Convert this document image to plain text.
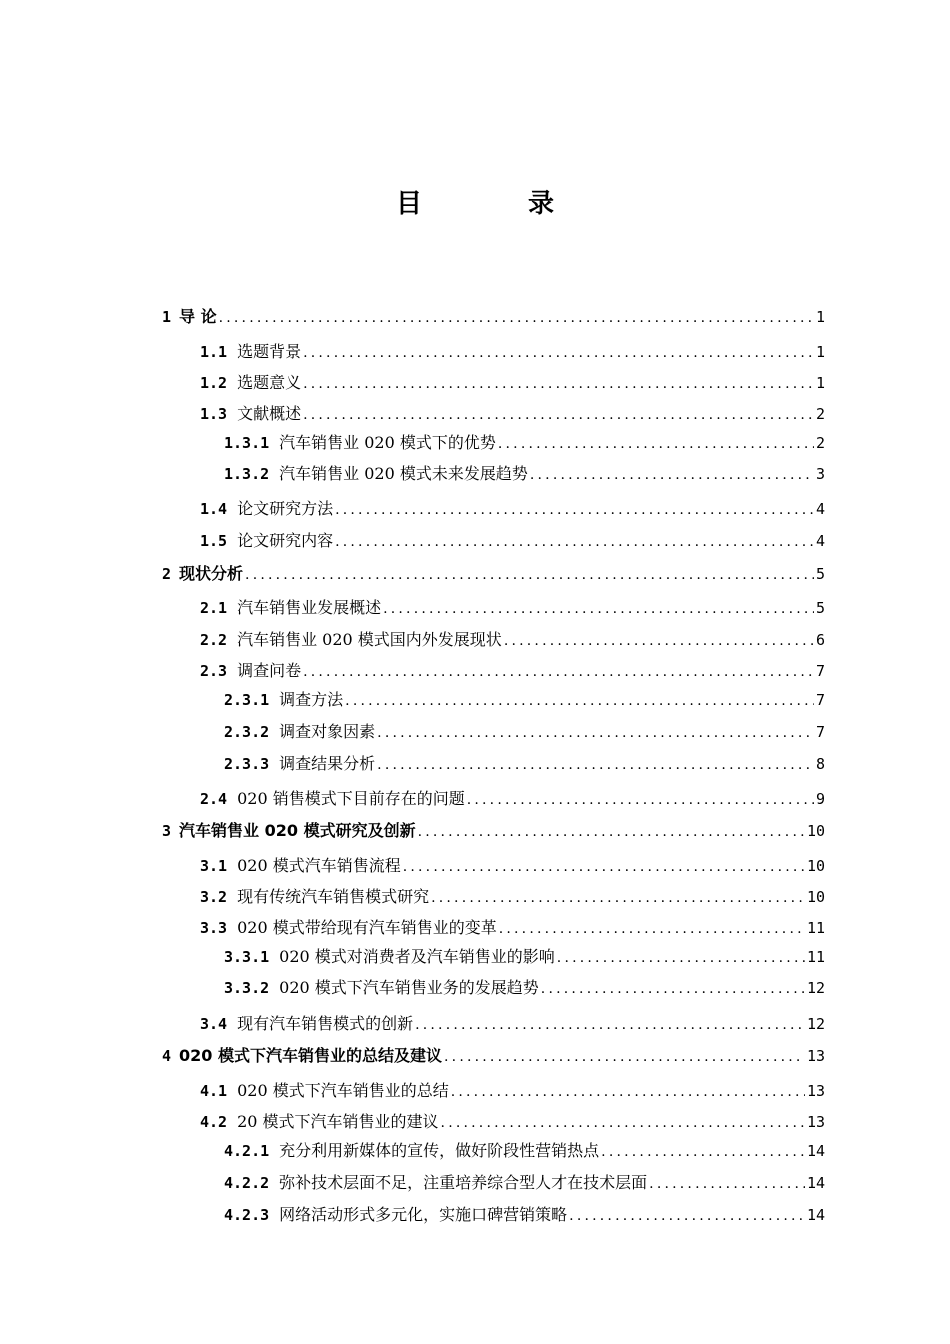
目　录
1 导 论 .....	1
1.1 选题背景 .....	1
1.2 选题意义 .....	1
1.3 文献概述 .....	2
1.3.1 汽车销售业 020 模式下的优势 .....	2
1.3.2 汽车销售业 020 模式未来发展趋势 .....	3
1.4 论文研究方法 .....	4
1.5 论文研究内容 .....	4
2 现状分析 .....	5
2.1 汽车销售业发展概述 .....	5
2.2 汽车销售业 020 模式国内外发展现状 .....	6
2.3 调查问卷 .....	7
2.3.1 调查方法 .....	7
2.3.2 调查对象因素 .....	7
2.3.3 调查结果分析 .....	8
2.4 020 销售模式下目前存在的问题 .....	9
3 汽车销售业 020 模式研究及创新 .....	10
3.1 020 模式汽车销售流程 .....	10
3.2 现有传统汽车销售模式研究 .....	10
3.3 020 模式带给现有汽车销售业的变革 .....	11
3.3.1 020 模式对消费者及汽车销售业的影响 .....	11
3.3.2 020 模式下汽车销售业务的发展趋势 .....	12
3.4 现有汽车销售模式的创新 .....	12
4 020 模式下汽车销售业的总结及建议 .....	13
4.1 020 模式下汽车销售业的总结 .....	13
4.2 20 模式下汽车销售业的建议 .....	13
4.2.1 充分利用新媒体的宣传，做好阶段性营销热点 .....	14
4.2.2 弥补技术层面不足，注重培养综合型人才在技术层面 .....	14
4.2.3 网络活动形式多元化，实施口碑营销策略 .....	14
